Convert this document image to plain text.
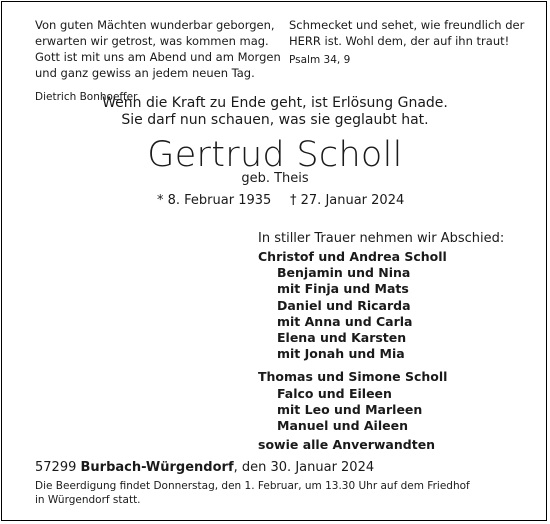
Von guten Mächten wunderbar geborgen,
erwarten wir getrost, was kommen mag.
Gott ist mit uns am Abend und am Morgen
und ganz gewiss an jedem neuen Tag.
Dietrich Bonhoeffer
Schmecket und sehet, wie freundlich der
HERR ist. Wohl dem, der auf ihn traut!
Psalm 34, 9
Wenn die Kraft zu Ende geht, ist Erlösung Gnade.
Sie darf nun schauen, was sie geglaubt hat.
Gertrud Scholl
geb. Theis
* 8. Februar 1935 † 27. Januar 2024
In stiller Trauer nehmen wir Abschied:
Christof und Andrea Scholl
Benjamin und Nina
mit Finja und Mats
Daniel und Ricarda
mit Anna und Carla
Elena und Karsten
mit Jonah und Mia
Thomas und Simone Scholl
Falco und Eileen
mit Leo und Marleen
Manuel und Aileen
sowie alle Anverwandten
57299 Burbach-Würgendorf, den 30. Januar 2024
Die Beerdigung findet Donnerstag, den 1. Februar, um 13.30 Uhr auf dem Friedhof
in Würgendorf statt.
